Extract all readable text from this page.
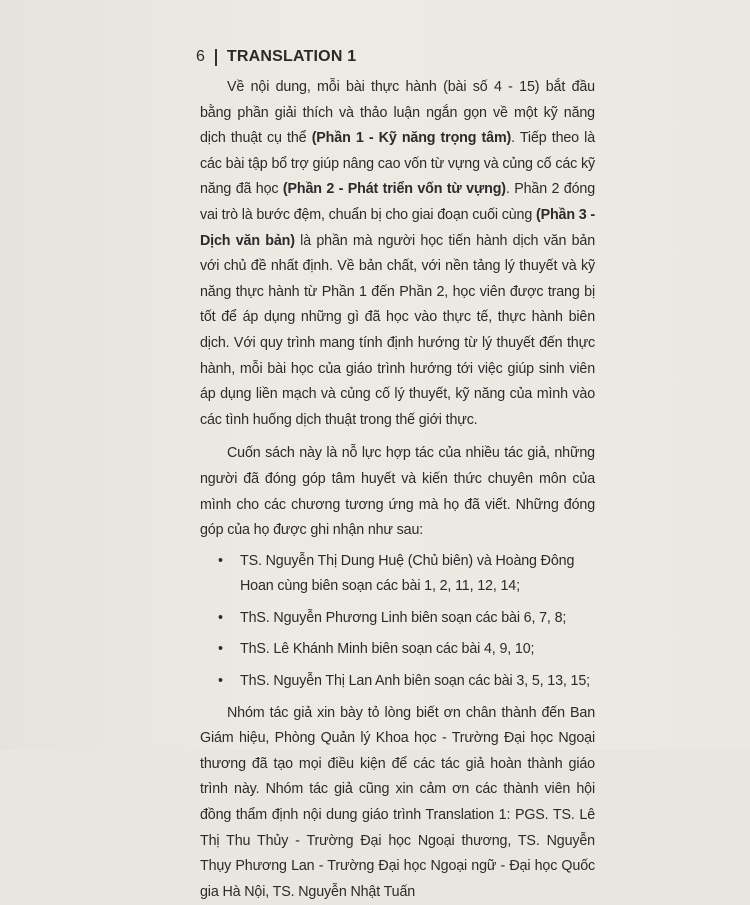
6 TRANSLATION 1

Về nội dung, mỗi bài thực hành (bài số 4 - 15) bắt đầu bằng phần giải thích và thảo luận ngắn gọn về một kỹ năng dịch thuật cụ thể (Phần 1 - Kỹ năng trọng tâm). Tiếp theo là các bài tập bổ trợ giúp nâng cao vốn từ vựng và củng cố các kỹ năng đã học (Phần 2 - Phát triển vốn từ vựng). Phần 2 đóng vai trò là bước đệm, chuẩn bị cho giai đoạn cuối cùng (Phần 3 - Dịch văn bản) là phần mà người học tiến hành dịch văn bản với chủ đề nhất định. Về bản chất, với nền tảng lý thuyết và kỹ năng thực hành từ Phần 1 đến Phần 2, học viên được trang bị tốt để áp dụng những gì đã học vào thực tế, thực hành biên dịch. Với quy trình mang tính định hướng từ lý thuyết đến thực hành, mỗi bài học của giáo trình hướng tới việc giúp sinh viên áp dụng liền mạch và củng cố lý thuyết, kỹ năng của mình vào các tình huống dịch thuật trong thế giới thực.

Cuốn sách này là nỗ lực hợp tác của nhiều tác giả, những người đã đóng góp tâm huyết và kiến thức chuyên môn của mình cho các chương tương ứng mà họ đã viết. Những đóng góp của họ được ghi nhận như sau:

• TS. Nguyễn Thị Dung Huệ (Chủ biên) và Hoàng Đông Hoan cùng biên soạn các bài 1, 2, 11, 12, 14;
• ThS. Nguyễn Phương Linh biên soạn các bài 6, 7, 8;
• ThS. Lê Khánh Minh biên soạn các bài 4, 9, 10;
• ThS. Nguyễn Thị Lan Anh biên soạn các bài 3, 5, 13, 15;

Nhóm tác giả xin bày tỏ lòng biết ơn chân thành đến Ban Giám hiệu, Phòng Quản lý Khoa học - Trường Đại học Ngoại thương đã tạo mọi điều kiện để các tác giả hoàn thành giáo trình này. Nhóm tác giả cũng xin cảm ơn các thành viên hội đồng thẩm định nội dung giáo trình Translation 1: PGS. TS. Lê Thị Thu Thủy - Trường Đại học Ngoại thương, TS. Nguyễn Thụy Phương Lan - Trường Đại học Ngoại ngữ - Đại học Quốc gia Hà Nội, TS. Nguyễn Nhật Tuấn
